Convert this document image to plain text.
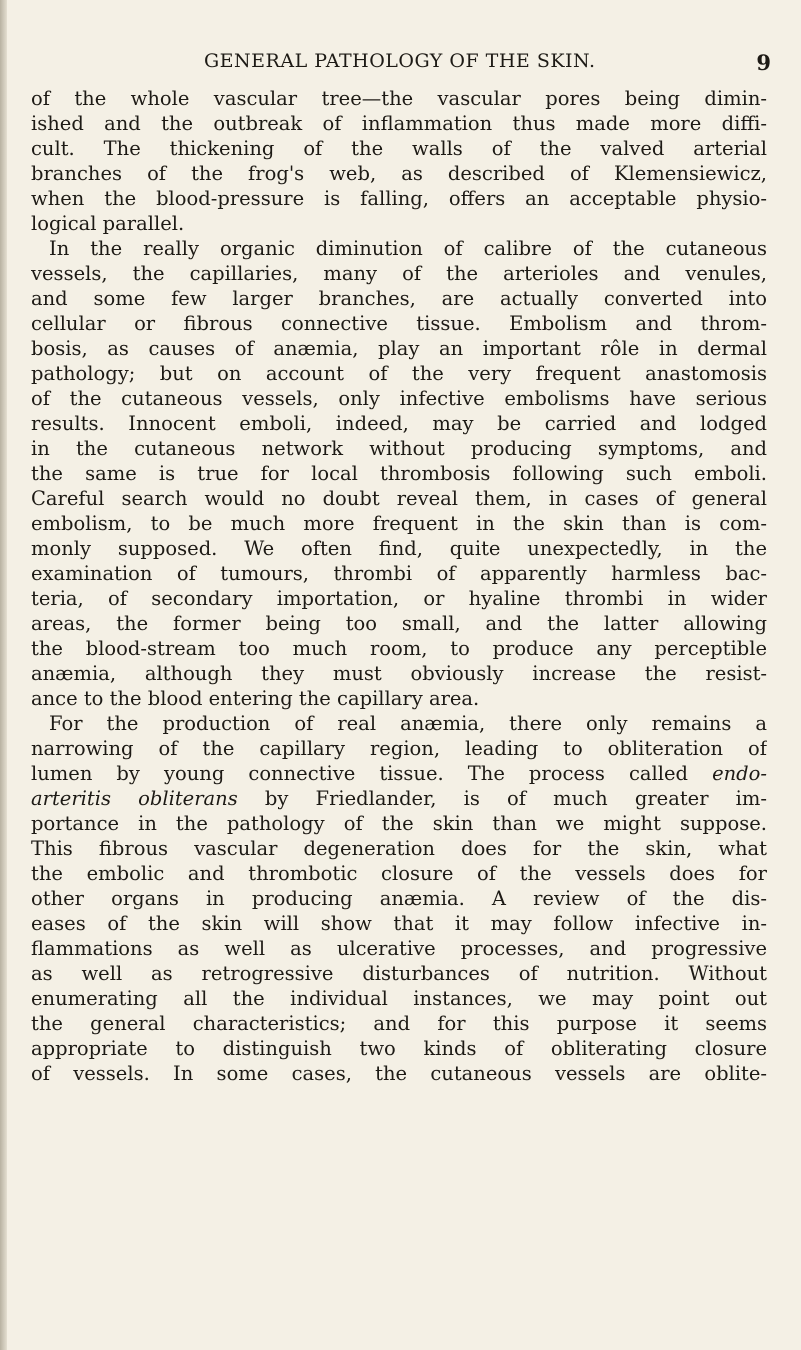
GENERAL PATHOLOGY OF THE SKIN.	9
of the whole vascular tree—the vascular pores being dimin-
ished and the outbreak of inflammation thus made more diffi-
cult. The thickening of the walls of the valved arterial
branches of the frog's web, as described of Klemensiewicz,
when the blood-pressure is falling, offers an acceptable physio-
logical parallel.
In the really organic diminution of calibre of the cutaneous
vessels, the capillaries, many of the arterioles and venules,
and some few larger branches, are actually converted into
cellular or fibrous connective tissue. Embolism and throm-
bosis, as causes of anæmia, play an important rôle in dermal
pathology; but on account of the very frequent anastomosis
of the cutaneous vessels, only infective embolisms have serious
results. Innocent emboli, indeed, may be carried and lodged
in the cutaneous network without producing symptoms, and
the same is true for local thrombosis following such emboli.
Careful search would no doubt reveal them, in cases of general
embolism, to be much more frequent in the skin than is com-
monly supposed. We often find, quite unexpectedly, in the
examination of tumours, thrombi of apparently harmless bac-
teria, of secondary importation, or hyaline thrombi in wider
areas, the former being too small, and the latter allowing
the blood-stream too much room, to produce any perceptible
anæmia, although they must obviously increase the resist-
ance to the blood entering the capillary area.
For the production of real anæmia, there only remains a
narrowing of the capillary region, leading to obliteration of
lumen by young connective tissue. The process called endo-
arteritis obliterans by Friedlander, is of much greater im-
portance in the pathology of the skin than we might suppose.
This fibrous vascular degeneration does for the skin, what
the embolic and thrombotic closure of the vessels does for
other organs in producing anæmia. A review of the dis-
eases of the skin will show that it may follow infective in-
flammations as well as ulcerative processes, and progressive
as well as retrogressive disturbances of nutrition. Without
enumerating all the individual instances, we may point out
the general characteristics; and for this purpose it seems
appropriate to distinguish two kinds of obliterating closure
of vessels. In some cases, the cutaneous vessels are oblite-
